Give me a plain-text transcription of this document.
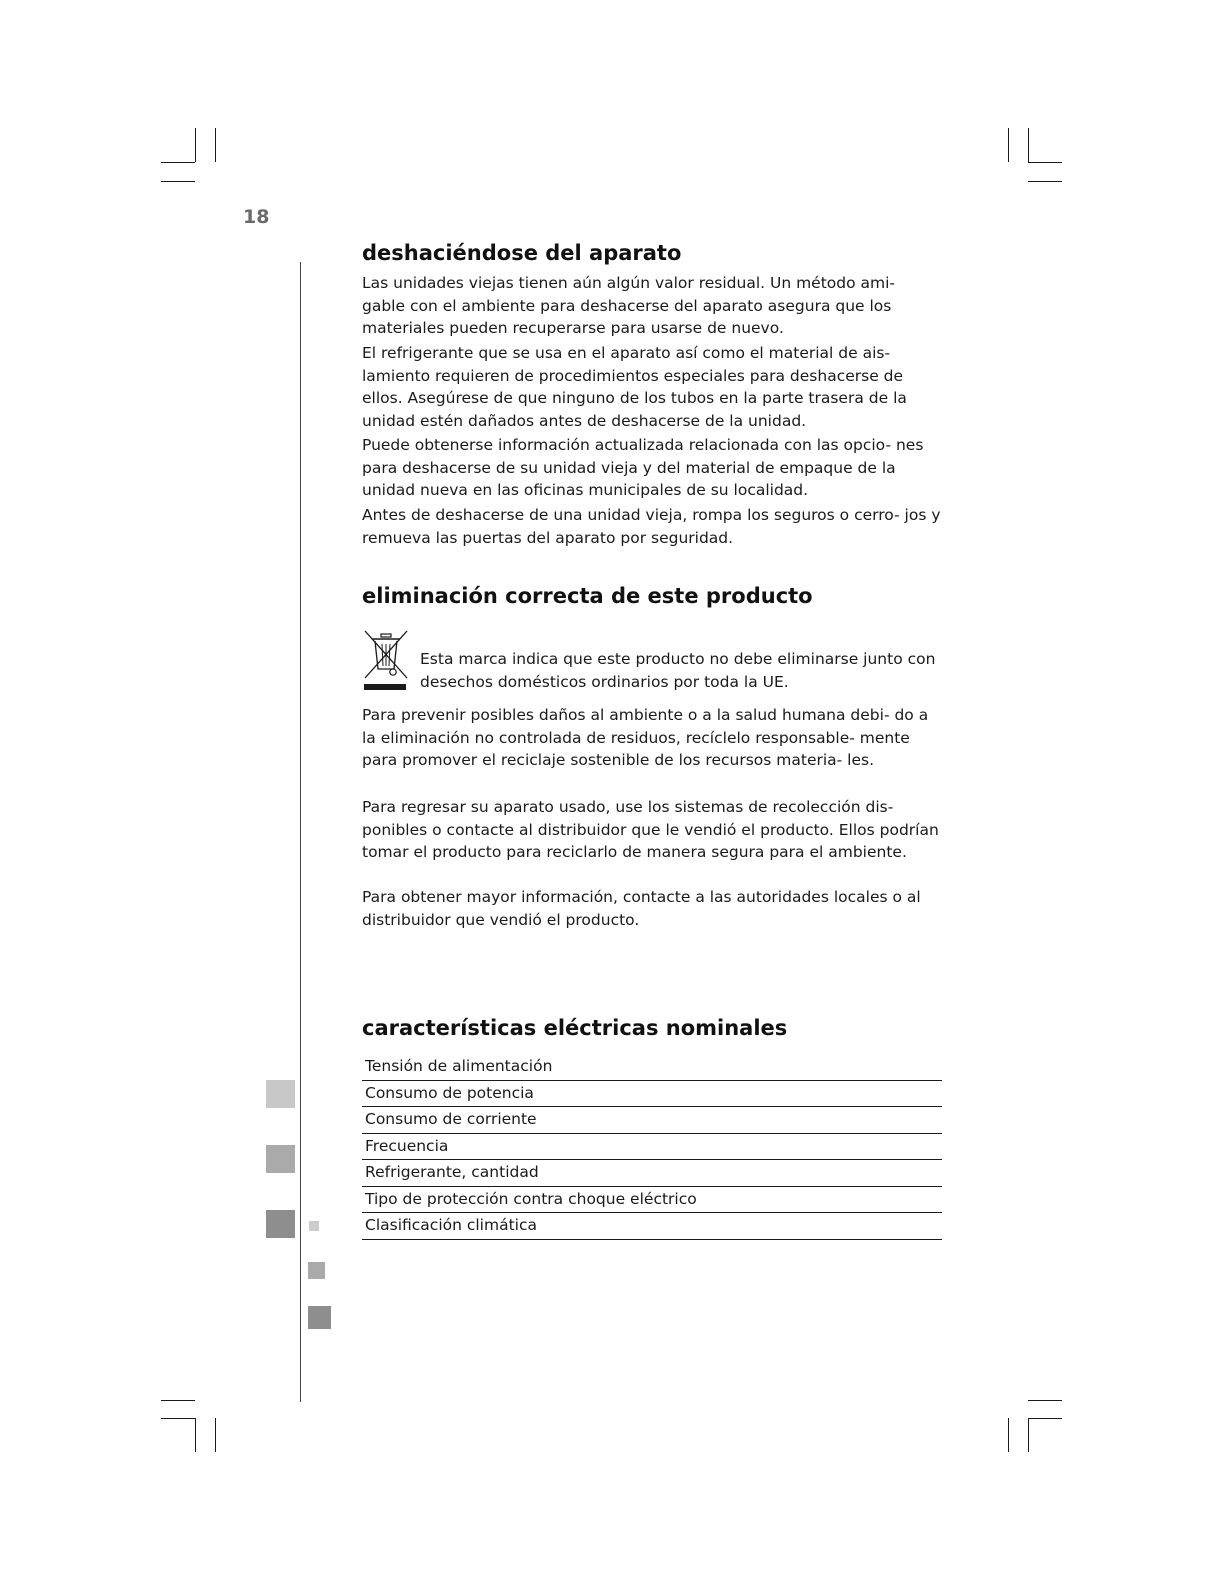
18
deshaciéndose del aparato

Las unidades viejas tienen aún algún valor residual. Un método ami- gable con el ambiente para deshacerse del aparato asegura que los materiales pueden recuperarse para usarse de nuevo.

El refrigerante que se usa en el aparato así como el material de ais- lamiento requieren de procedimientos especiales para deshacerse de ellos. Asegúrese de que ninguno de los tubos en la parte trasera de la unidad estén dañados antes de deshacerse de la unidad.

Puede obtenerse información actualizada relacionada con las opcio- nes para deshacerse de su unidad vieja y del material de empaque de la unidad nueva en las oficinas municipales de su localidad.

Antes de deshacerse de una unidad vieja, rompa los seguros o cerro- jos y remueva las puertas del aparato por seguridad.

eliminación correcta de este producto
Esta marca indica que este producto no debe eliminarse junto con desechos domésticos ordinarios por toda la UE.

Para prevenir posibles daños al ambiente o a la salud humana debi- do a la eliminación no controlada de residuos, recíclelo responsable- mente para promover el reciclaje sostenible de los recursos materia- les.

Para regresar su aparato usado, use los sistemas de recolección dis- ponibles o contacte al distribuidor que le vendió el producto. Ellos podrían tomar el producto para reciclarlo de manera segura para el ambiente.

Para obtener mayor información, contacte a las autoridades locales o al distribuidor que vendió el producto.

características eléctricas nominales
Tensión de alimentación
Consumo de potencia
Consumo de corriente
Frecuencia
Refrigerante, cantidad
Tipo de protección contra choque eléctrico
Clasificación climática
